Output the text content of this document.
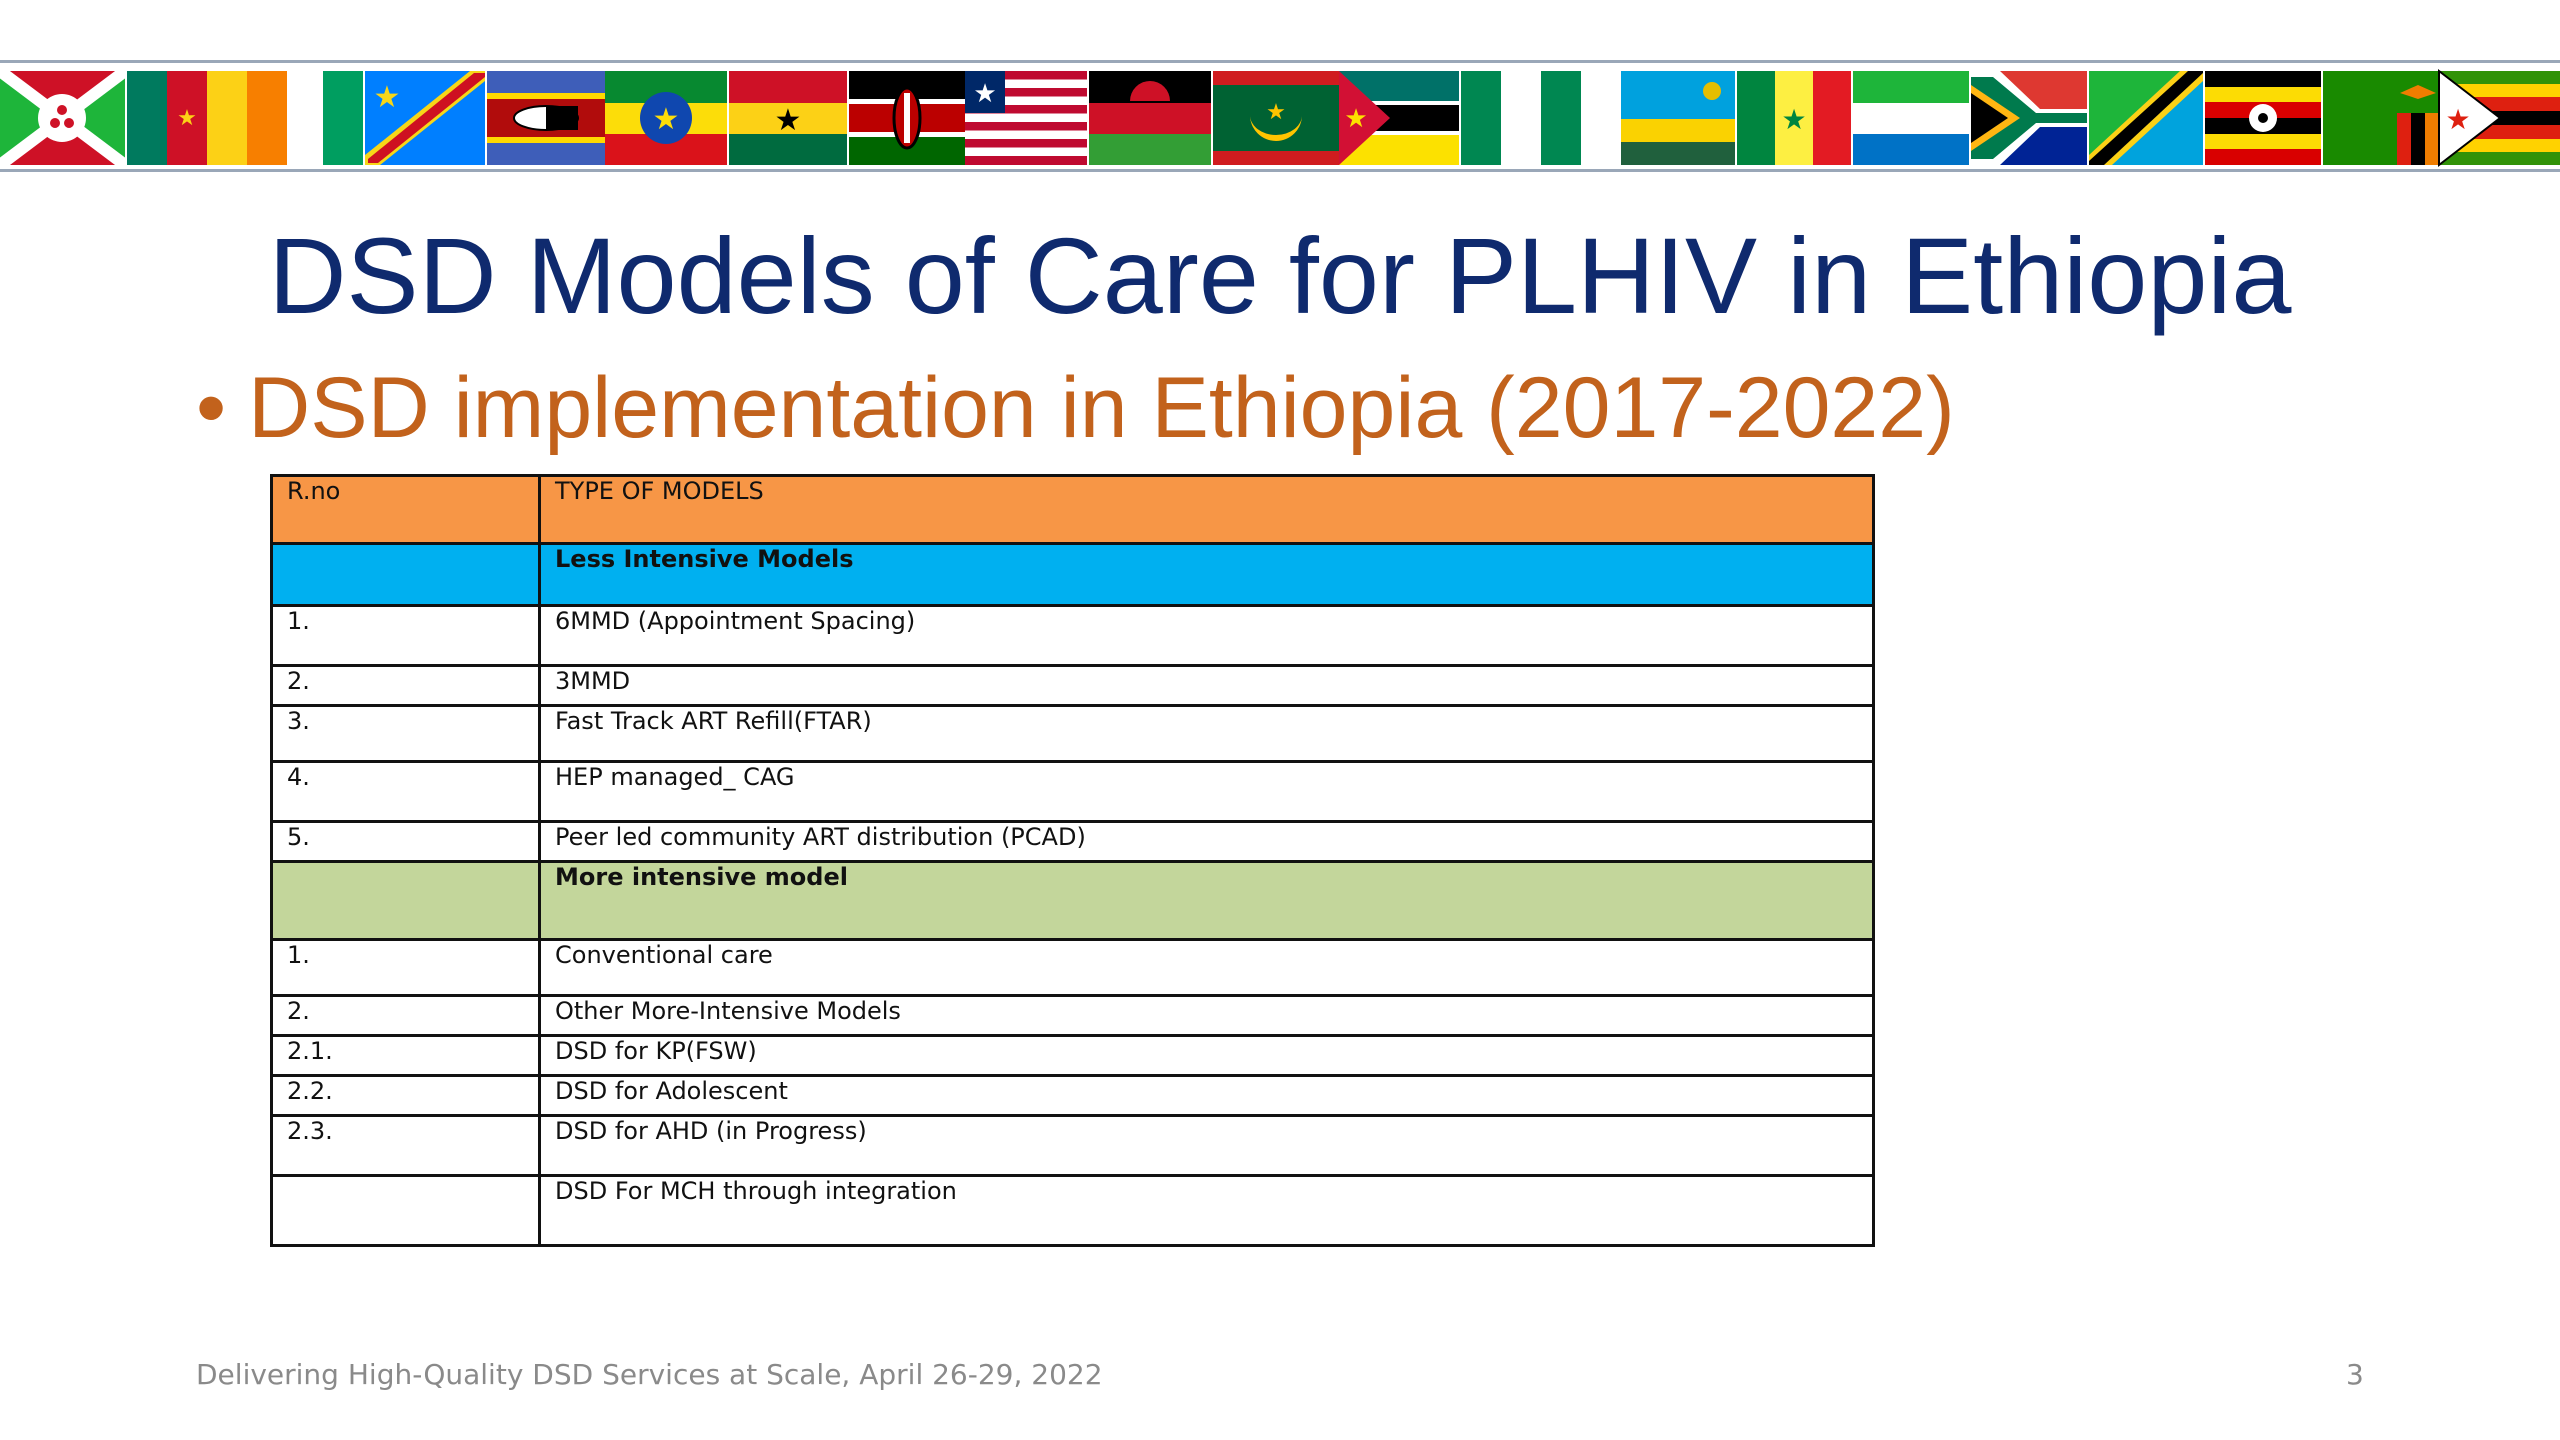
★
★
★	★
★
★ ★	★	★
DSD Models of Care for PLHIV in Ethiopia
• DSD implementation in Ethiopia (2017-2022)
R.no	TYPE OF MODELS
	Less Intensive Models
1.	6MMD (Appointment Spacing)
2.	3MMD
3.	Fast Track ART Refill(FTAR)
4.	HEP managed_ CAG
5.	Peer led community ART distribution (PCAD)
	More intensive model
1.	Conventional care
2.	Other More-Intensive Models
2.1.	DSD for KP(FSW)
2.2.	DSD for Adolescent
2.3.	DSD for AHD (in Progress)
	DSD For MCH through integration
Delivering High-Quality DSD Services at Scale, April 26-29, 2022	3
